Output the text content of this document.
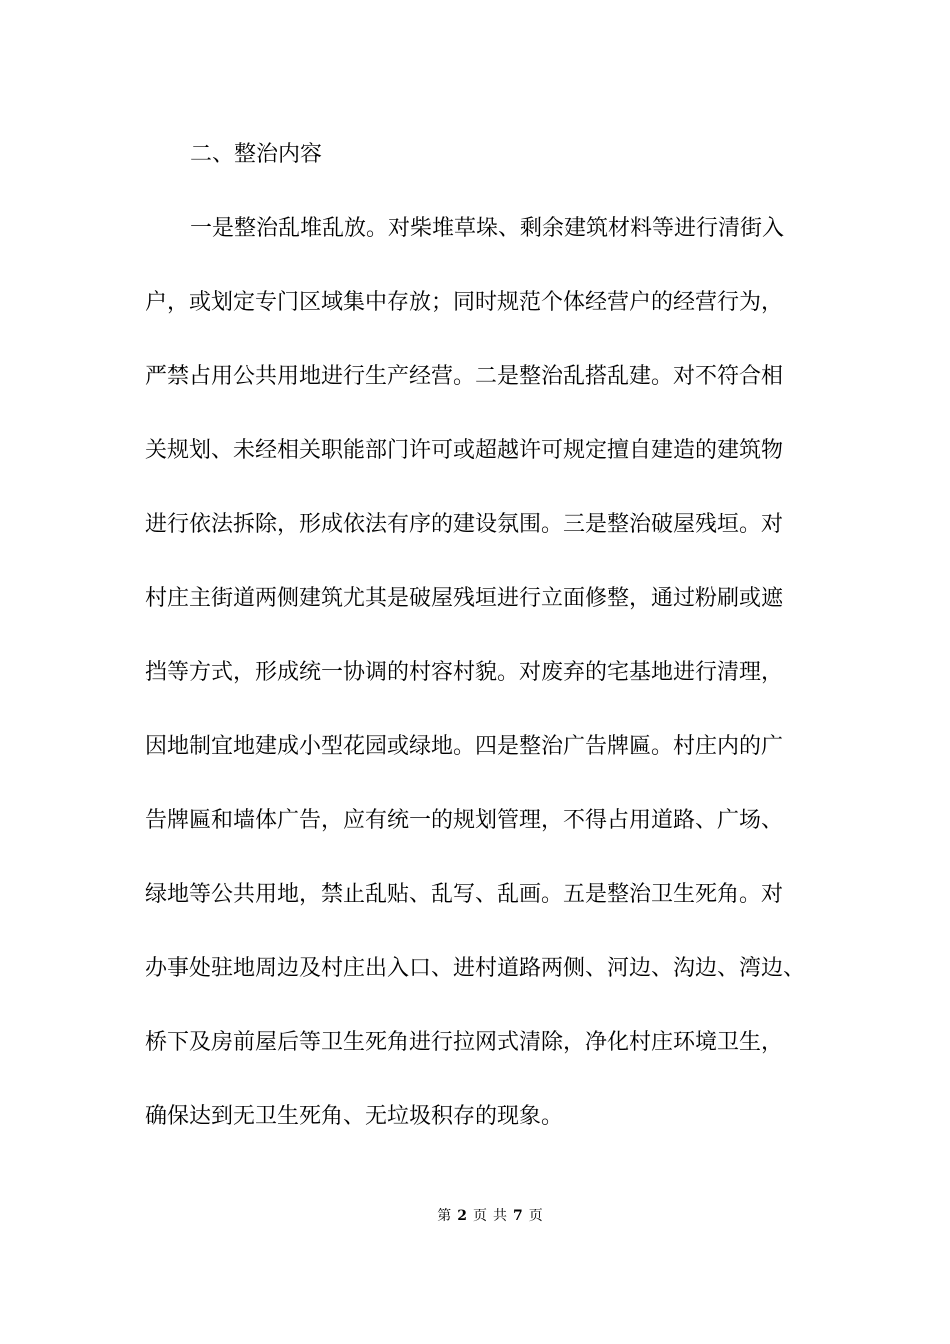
二、整治内容
　一是整治乱堆乱放。对柴堆草垛、剩余建筑材料等进行清街入
户，或划定专门区域集中存放；同时规范个体经营户的经营行为，
严禁占用公共用地进行生产经营。二是整治乱搭乱建。对不符合相
关规划、未经相关职能部门许可或超越许可规定擅自建造的建筑物
进行依法拆除，形成依法有序的建设氛围。三是整治破屋残垣。对
村庄主街道两侧建筑尤其是破屋残垣进行立面修整，通过粉刷或遮
挡等方式，形成统一协调的村容村貌。对废弃的宅基地进行清理，
因地制宜地建成小型花园或绿地。四是整治广告牌匾。村庄内的广
告牌匾和墙体广告，应有统一的规划管理，不得占用道路、广场、
绿地等公共用地，禁止乱贴、乱写、乱画。五是整治卫生死角。对
办事处驻地周边及村庄出入口、进村道路两侧、河边、沟边、湾边、
桥下及房前屋后等卫生死角进行拉网式清除，净化村庄环境卫生，
确保达到无卫生死角、无垃圾积存的现象。
第 2 页 共 7 页
